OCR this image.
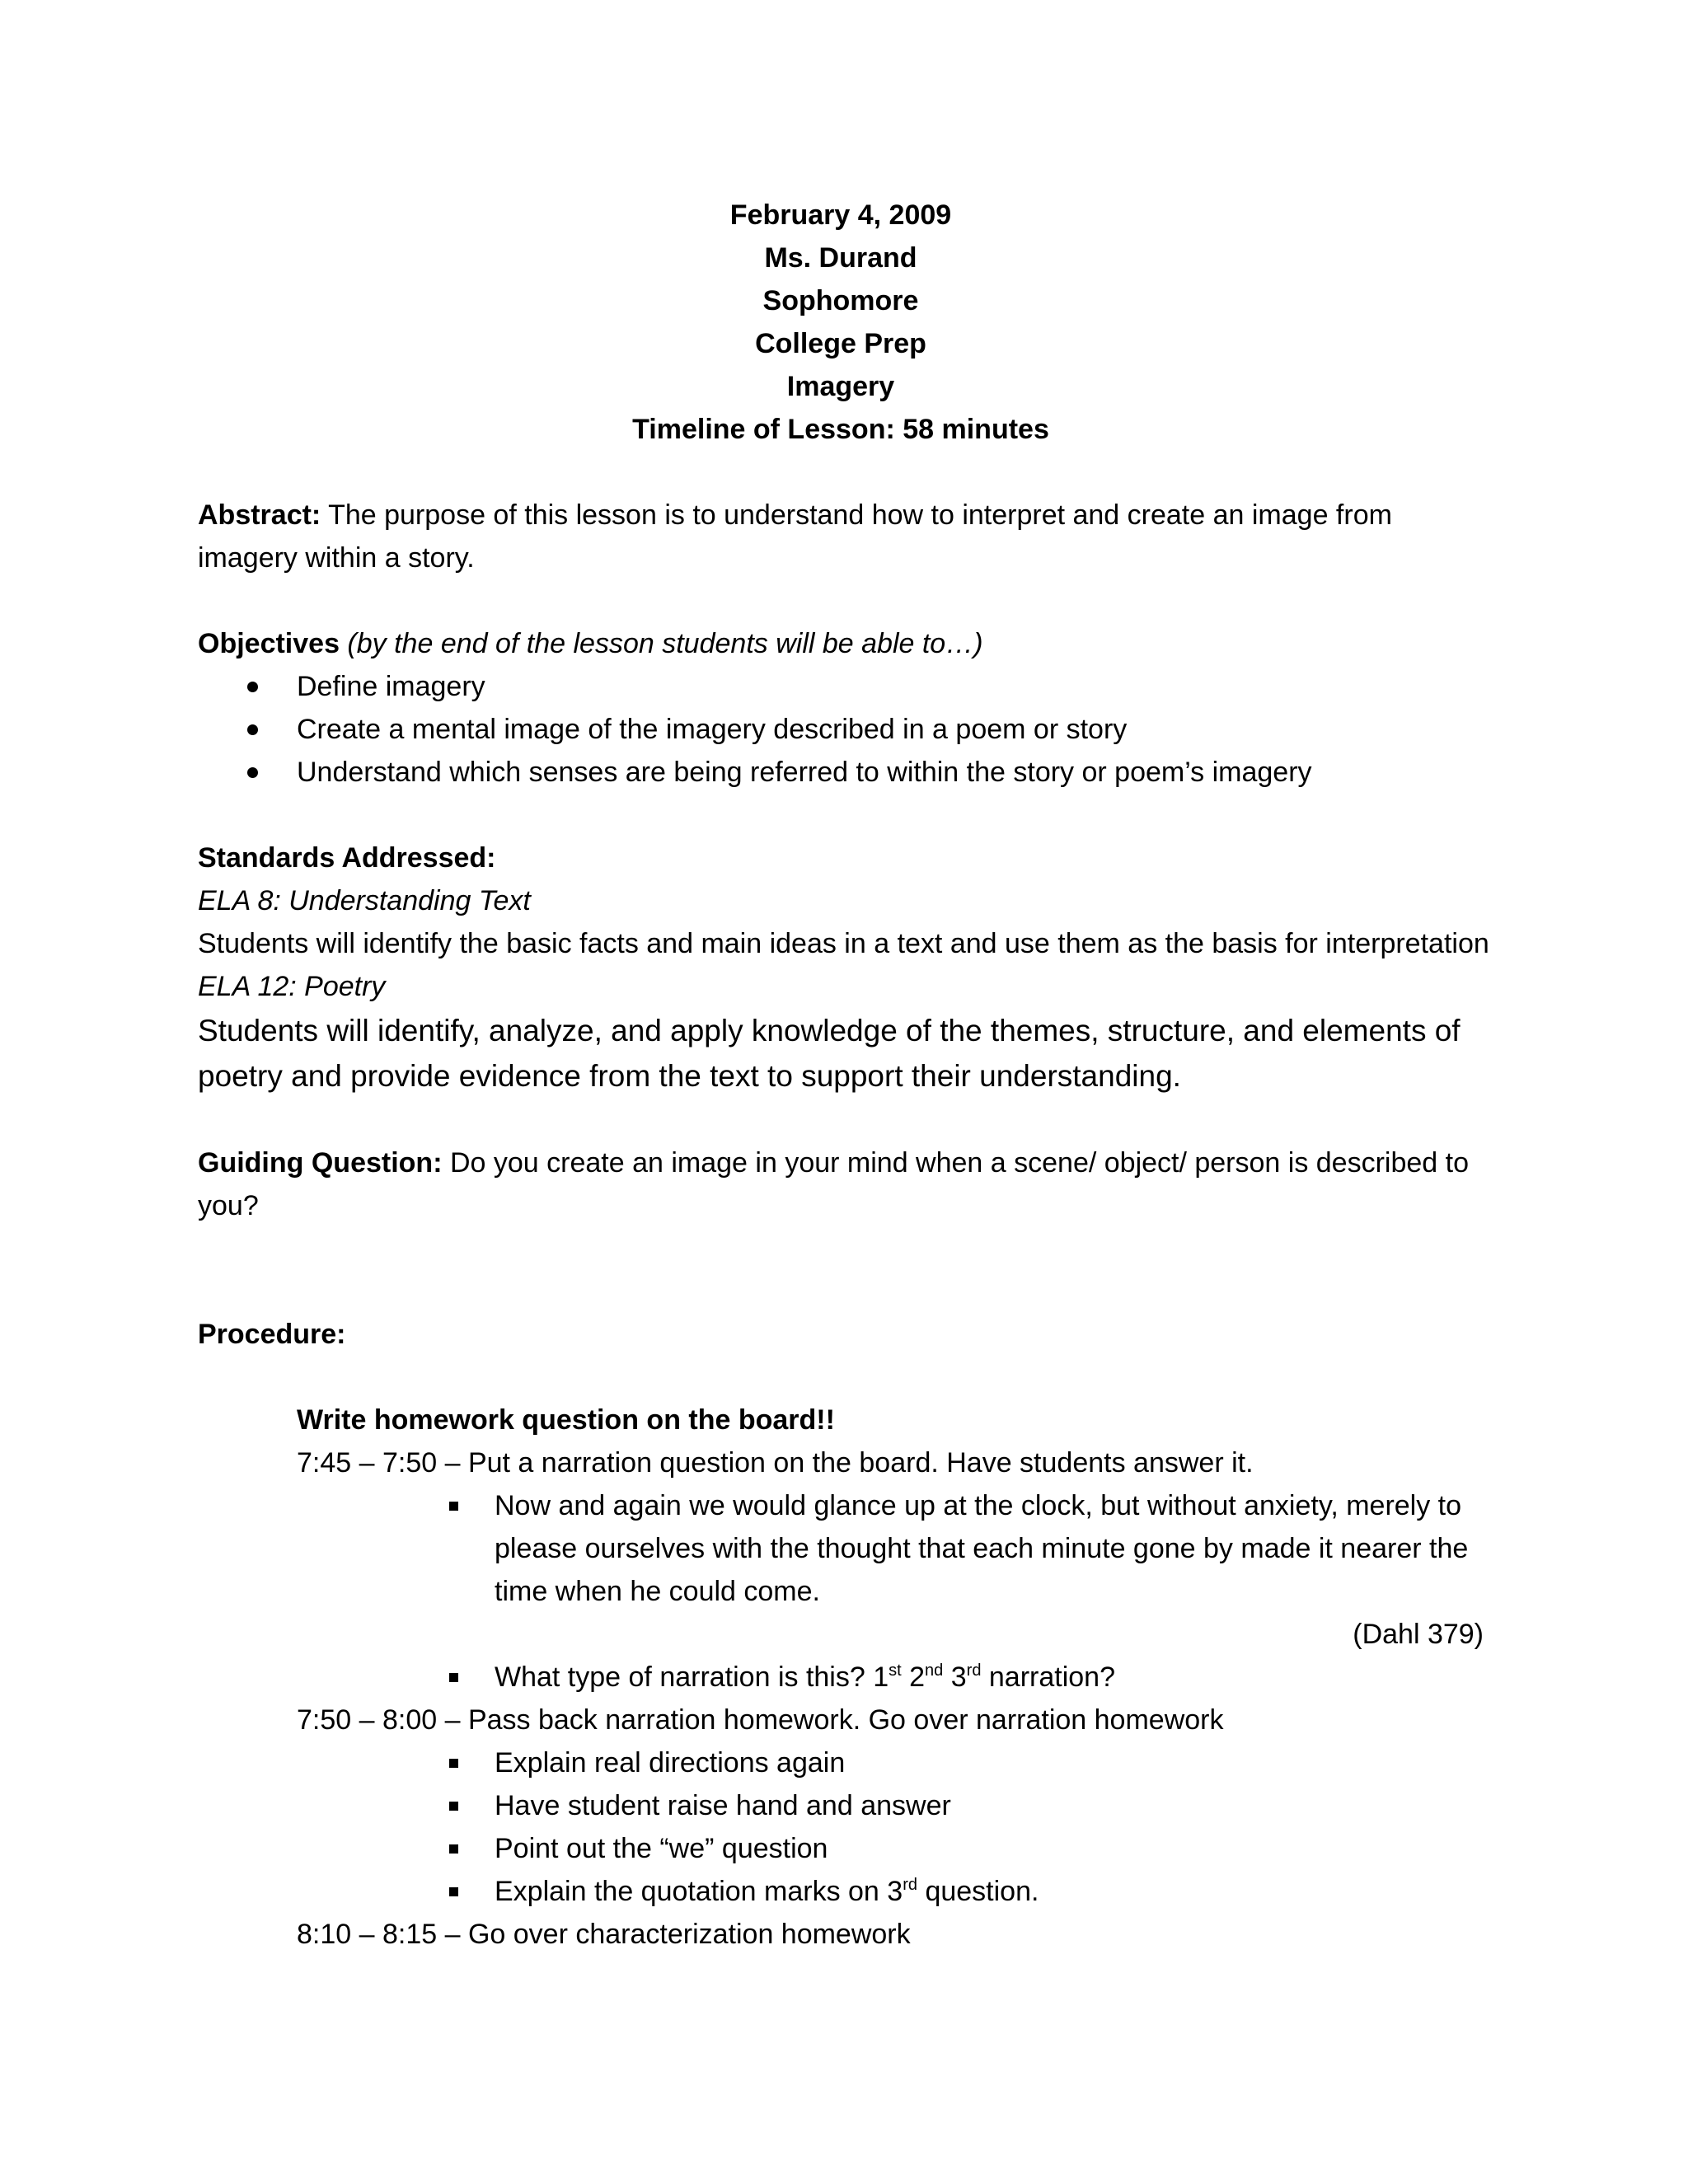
February 4, 2009
Ms. Durand
Sophomore
College Prep
Imagery
Timeline of Lesson: 58 minutes
Abstract: The purpose of this lesson is to understand how to interpret and create an image from imagery within a story.
Objectives (by the end of the lesson students will be able to…)
Define imagery
Create a mental image of the imagery described in a poem or story
Understand which senses are being referred to within the story or poem’s imagery
Standards Addressed:
ELA 8: Understanding Text
Students will identify the basic facts and main ideas in a text and use them as the basis for interpretation
ELA 12: Poetry
Students will identify, analyze, and apply knowledge of the themes, structure, and elements of poetry and provide evidence from the text to support their understanding.
Guiding Question: Do you create an image in your mind when a scene/ object/ person is described to you?
Procedure:
Write homework question on the board!!
7:45 – 7:50 – Put a narration question on the board. Have students answer it.
Now and again we would glance up at the clock, but without anxiety, merely to please ourselves with the thought that each minute gone by made it nearer the time when he could come.
(Dahl 379)
What type of narration is this? 1st 2nd 3rd narration?
7:50 – 8:00 – Pass back narration homework. Go over narration homework
Explain real directions again
Have student raise hand and answer
Point out the “we” question
Explain the quotation marks on 3rd question.
8:10 – 8:15 – Go over characterization homework
